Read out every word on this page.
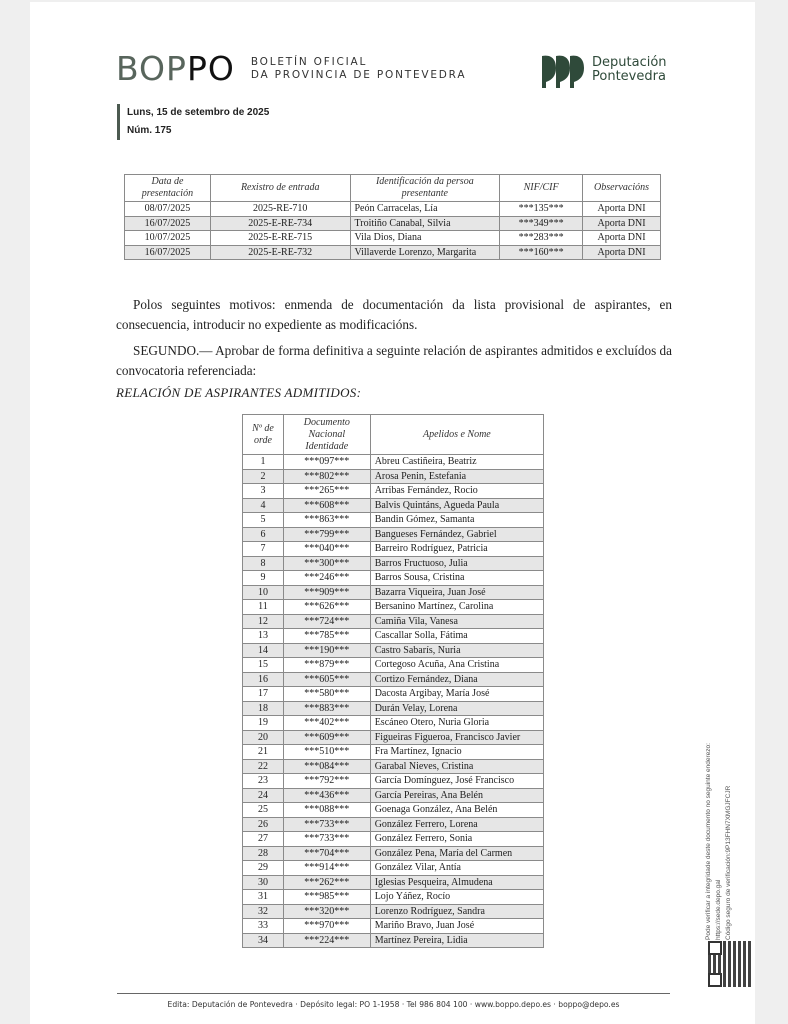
BOPPO BOLETÍN OFICIAL
DA PROVINCIA DE PONTEVEDRA
Deputación
Pontevedra
Luns, 15 de setembro de 2025
Núm. 175
Data de presentación	Rexistro de entrada	Identificación da persoa presentante	NIF/CIF	Observacións
08/07/2025	2025-RE-710	Peón Carracelas, Lía	***135***	Aporta DNI
16/07/2025	2025-E-RE-734	Troitiño Canabal, Silvia	***349***	Aporta DNI
10/07/2025	2025-E-RE-715	Vila Dios, Diana	***283***	Aporta DNI
16/07/2025	2025-E-RE-732	Villaverde Lorenzo, Margarita	***160***	Aporta DNI

Polos seguintes motivos: enmenda de documentación da lista provisional de aspirantes, en consecuencia, introducir no expediente as modificacións.

SEGUNDO.— Aprobar de forma definitiva a seguinte relación de aspirantes admitidos e excluídos da convocatoria referenciada:

RELACIÓN DE ASPIRANTES ADMITIDOS:
Nº de orde	Documento Nacional Identidade	Apelidos e Nome
1	***097***	Abreu Castiñeira, Beatriz
2	***802***	Arosa Penin, Estefania
3	***265***	Arribas Fernández, Rocio
4	***608***	Balvis Quintáns, Agueda Paula
5	***863***	Bandin Gómez, Samanta
6	***799***	Bangueses Fernández, Gabriel
7	***040***	Barreiro Rodríguez, Patricia
8	***300***	Barros Fructuoso, Julia
9	***246***	Barros Sousa, Cristina
10	***909***	Bazarra Viqueira, Juan José
11	***626***	Bersanino Martínez, Carolina
12	***724***	Camiña Vila, Vanesa
13	***785***	Cascallar Solla, Fátima
14	***190***	Castro Sabarís, Nuria
15	***879***	Cortegoso Acuña, Ana Cristina
16	***605***	Cortizo Fernández, Diana
17	***580***	Dacosta Argibay, María José
18	***883***	Durán Velay, Lorena
19	***402***	Escáneo Otero, Nuria Gloria
20	***609***	Figueiras Figueroa, Francisco Javier
21	***510***	Fra Martínez, Ignacio
22	***084***	Garabal Nieves, Cristina
23	***792***	García Domínguez, José Francisco
24	***436***	García Pereiras, Ana Belén
25	***088***	Goenaga González, Ana Belén
26	***733***	González Ferrero, Lorena
27	***733***	González Ferrero, Sonia
28	***704***	González Pena, María del Carmen
29	***914***	González Vilar, Antía
30	***262***	Iglesias Pesqueira, Almudena
31	***985***	Lojo Yáñez, Rocío
32	***320***	Lorenzo Rodríguez, Sandra
33	***970***	Mariño Bravo, Juan José
34	***224***	Martínez Pereira, Lidia	Pode verificar a integridade deste documento no seguinte enderezo: https://sede.depo.gal Código seguro de verificación:9P13FHN7XMGJFCJR
Edita: Deputación de Pontevedra · Depósito legal: PO 1-1958 · Tel 986 804 100 · www.boppo.depo.es · boppo@depo.es
